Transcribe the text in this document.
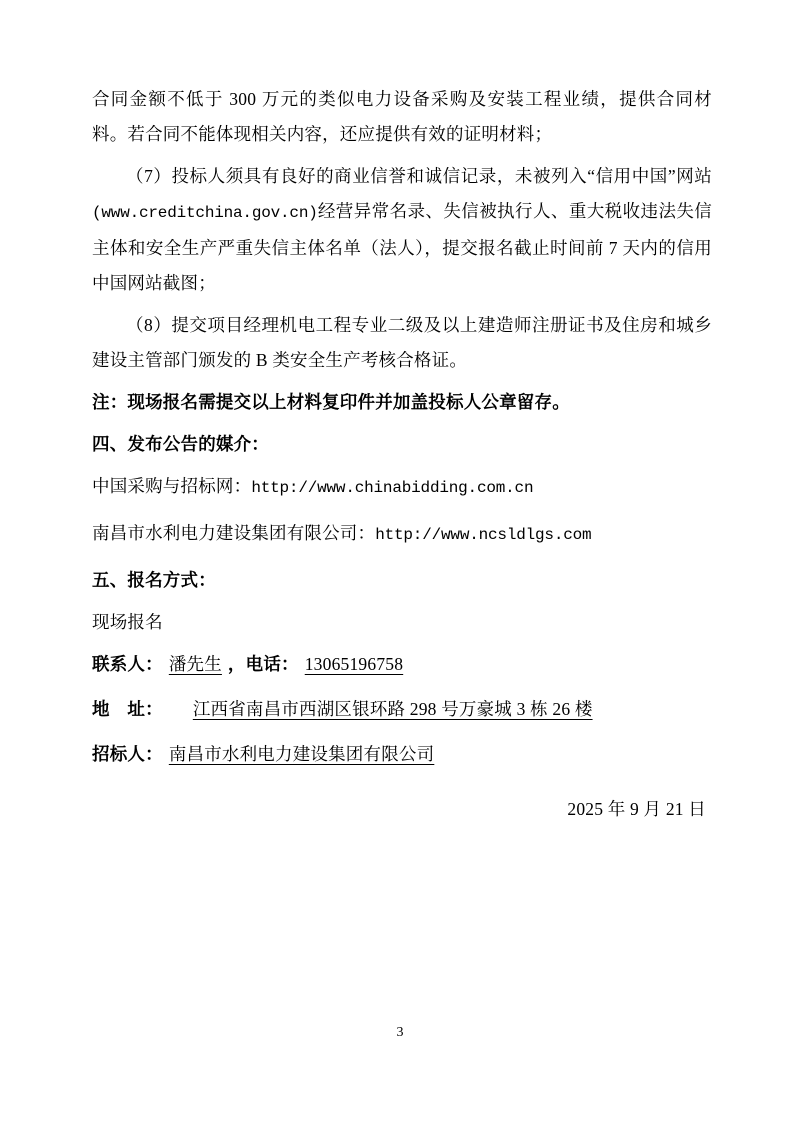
合同金额不低于 300 万元的类似电力设备采购及安装工程业绩，提供合同材料。若合同不能体现相关内容，还应提供有效的证明材料；

（7）投标人须具有良好的商业信誉和诚信记录，未被列入“信用中国”网站(www.creditchina.gov.cn)经营异常名录、失信被执行人、重大税收违法失信主体和安全生产严重失信主体名单（法人），提交报名截止时间前 7 天内的信用中国网站截图；

（8）提交项目经理机电工程专业二级及以上建造师注册证书及住房和城乡建设主管部门颁发的 B 类安全生产考核合格证。

注：现场报名需提交以上材料复印件并加盖投标人公章留存。

四、发布公告的媒介：

中国采购与招标网：http://www.chinabidding.com.cn

南昌市水利电力建设集团有限公司：http://www.ncsldlgs.com

五、报名方式：

现场报名

联系人： 潘先生 ，电话： 13065196758

地　址： 江西省南昌市西湖区银环路 298 号万豪城 3 栋 26 楼

招标人： 南昌市水利电力建设集团有限公司

2025 年 9 月 21 日

3
